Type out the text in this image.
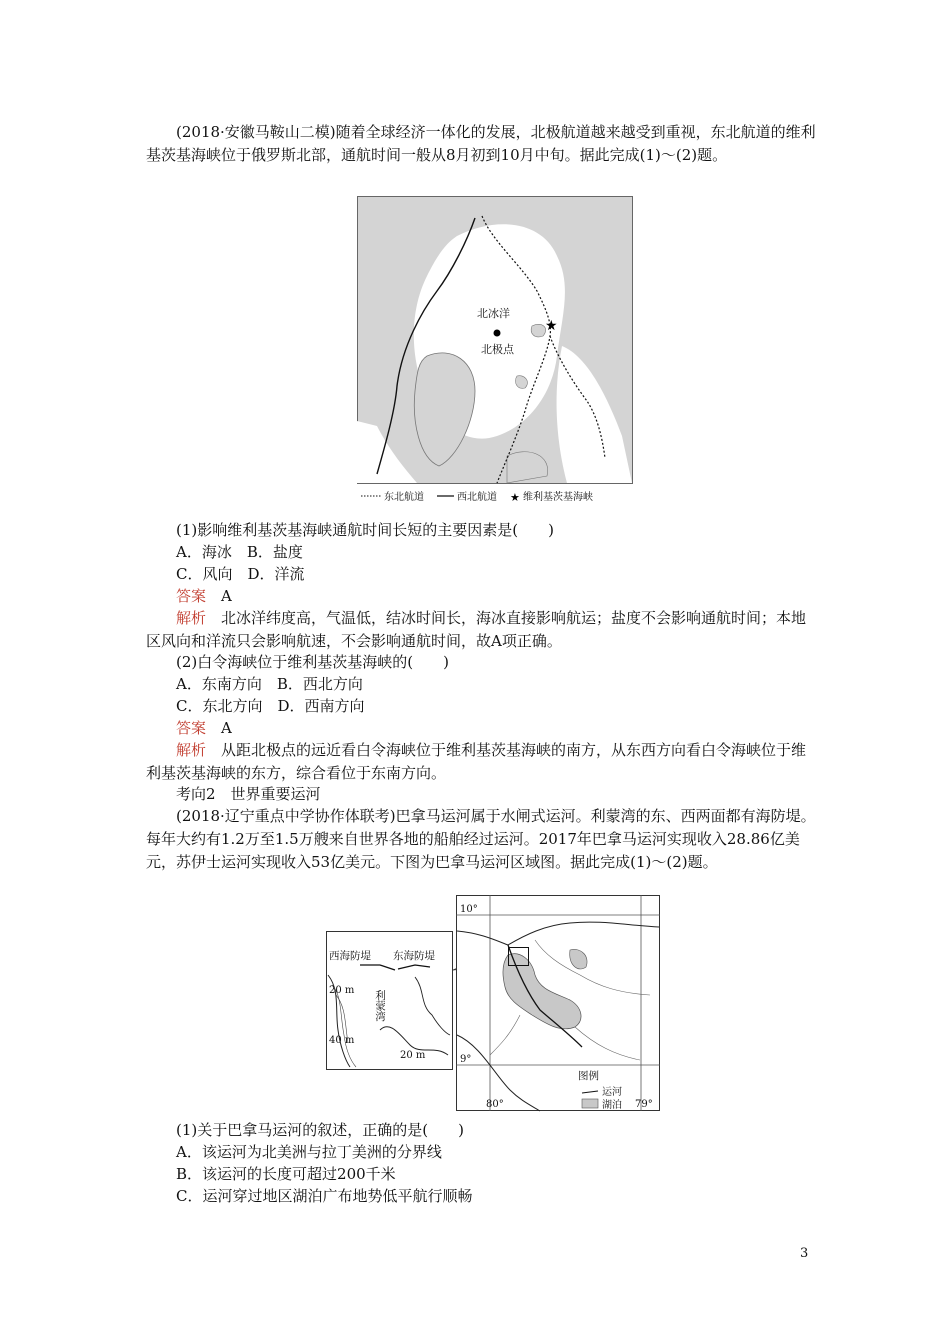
(2018·安徽马鞍山二模)随着全球经济一体化的发展，北极航道越来越受到重视，东北航道的维利基茨基海峡位于俄罗斯北部，通航时间一般从8月初到10月中旬。据此完成(1)～(2)题。

北冰洋
北极点
★
东北航道	西北航道 ★ 维利基茨基海峡

(1)影响维利基茨基海峡通航时间长短的主要因素是(　　)

A．海冰　B．盐度

C．风向　D．洋流

答案　 A

解析　 北冰洋纬度高，气温低，结冰时间长，海冰直接影响航运；盐度不会影响通航时间；本地区风向和洋流只会影响航速，不会影响通航时间，故A项正确。

(2)白令海峡位于维利基茨基海峡的(　　)

A．东南方向　B．西北方向

C．东北方向　D．西南方向

答案　 A

解析　 从距北极点的远近看白令海峡位于维利基茨基海峡的南方，从东西方向看白令海峡位于维利基茨基海峡的东方，综合看位于东南方向。

考向2　世界重要运河

(2018·辽宁重点中学协作体联考)巴拿马运河属于水闸式运河。利蒙湾的东、西两面都有海防堤。每年大约有1.2万至1.5万艘来自世界各地的船舶经过运河。2017年巴拿马运河实现收入28.86亿美元，苏伊士运河实现收入53亿美元。下图为巴拿马运河区域图。据此完成(1)～(2)题。

西海防堤 东海防堤
20 m
40 m
20 m
利蒙湾
10°
9°
80°	79°
图例
运河
湖泊

(1)关于巴拿马运河的叙述，正确的是(　　)

A．该运河为北美洲与拉丁美洲的分界线

B．该运河的长度可超过200千米

C．运河穿过地区湖泊广布地势低平航行顺畅

3
